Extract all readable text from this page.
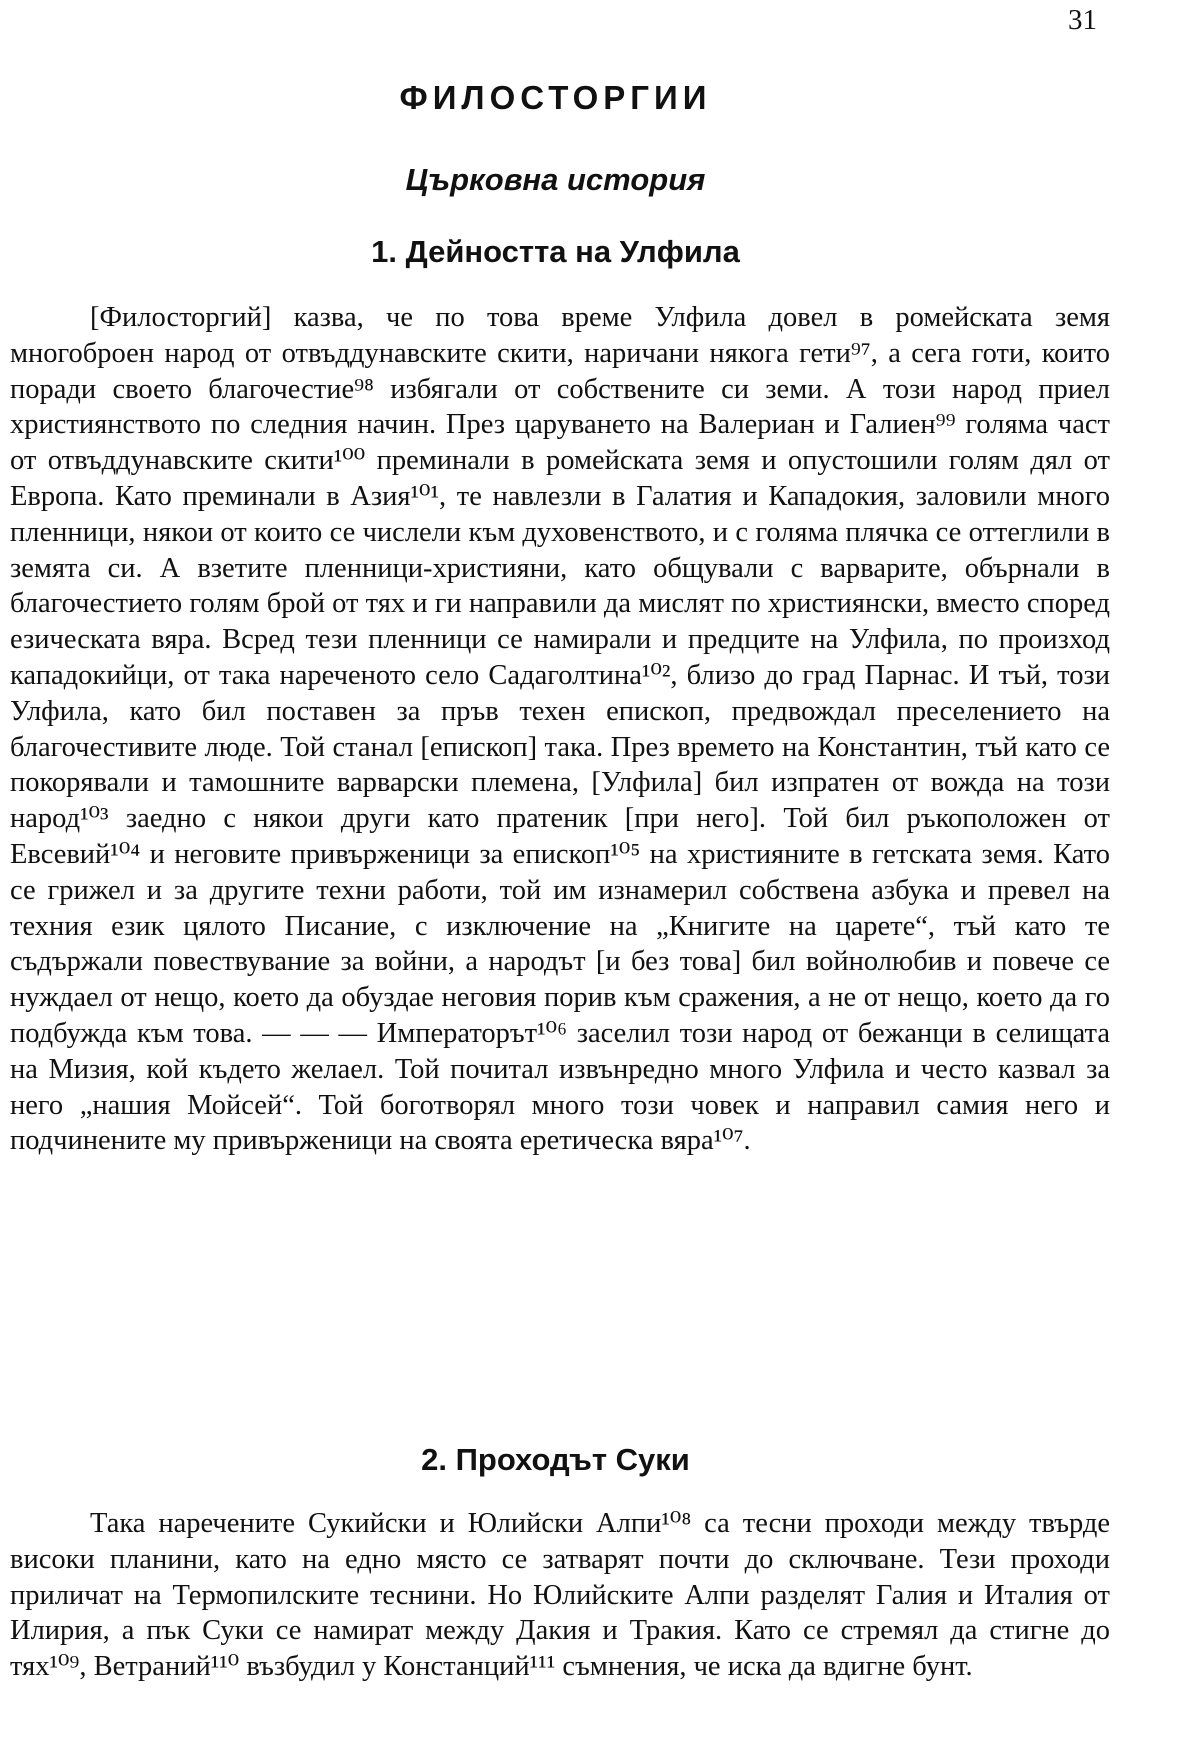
31
ФИЛОСТОРГИИ
Църковна история
1. Дейността на Улфила

[Филосторгий] казва, че по това време Улфила довел в ромейската земя многоброен народ от отвъддунавските скити, наричани някога гети⁹⁷, а сега готи, които поради своето благочестие⁹⁸ избягали от собствените си земи. А този народ приел християнството по следния начин. През царуването на Валериан и Галиен⁹⁹ голяма част от отвъддунавските скити¹⁰⁰ преминали в ромейската земя и опустошили голям дял от Европа. Като преминали в Азия¹⁰¹, те навлезли в Галатия и Кападокия, заловили много пленници, някои от които се числели към духовенството, и с голяма плячка се оттеглили в земята си. А взетите пленници-християни, като общували с варварите, обърнали в благочестието голям брой от тях и ги направили да мислят по християнски, вместо според езическата вяра. Всред тези пленници се намирали и предците на Улфила, по произход кападокийци, от така нареченото село Садаголтина¹⁰², близо до град Парнас. И тъй, този Улфила, като бил поставен за пръв техен епископ, предвождал преселението на благочестивите люде. Той станал [епископ] така. През времето на Константин, тъй като се покорявали и тамошните варварски племена, [Улфила] бил изпратен от вожда на този народ¹⁰³ заедно с някои други като пратеник [при него]. Той бил ръкоположен от Евсевий¹⁰⁴ и неговите привърженици за епископ¹⁰⁵ на християните в гетската земя. Като се грижел и за другите техни работи, той им изнамерил собствена азбука и превел на техния език цялото Писание, с изключение на „Книгите на царете“, тъй като те съдържали повествувание за войни, а народът [и без това] бил войнолюбив и повече се нуждаел от нещо, което да обуздае неговия порив към сражения, а не от нещо, което да го подбужда към това. — — — Императорът¹⁰⁶ заселил този народ от бежанци в селищата на Мизия, кой където желаел. Той почитал извънредно много Улфила и често казвал за него „нашия Мойсей“. Той боготворял много този човек и направил самия него и подчинените му привърженици на своята еретическа вяра¹⁰⁷.

2. Проходът Суки

Така наречените Сукийски и Юлийски Алпи¹⁰⁸ са тесни проходи между твърде високи планини, като на едно място се затварят почти до сключване. Тези проходи приличат на Термопилските теснини. Но Юлийските Алпи разделят Галия и Италия от Илирия, а пък Суки се намират между Дакия и Тракия. Като се стремял да стигне до тях¹⁰⁹, Ветраний¹¹⁰ възбудил у Констанций¹¹¹ съмнения, че иска да вдигне бунт.
